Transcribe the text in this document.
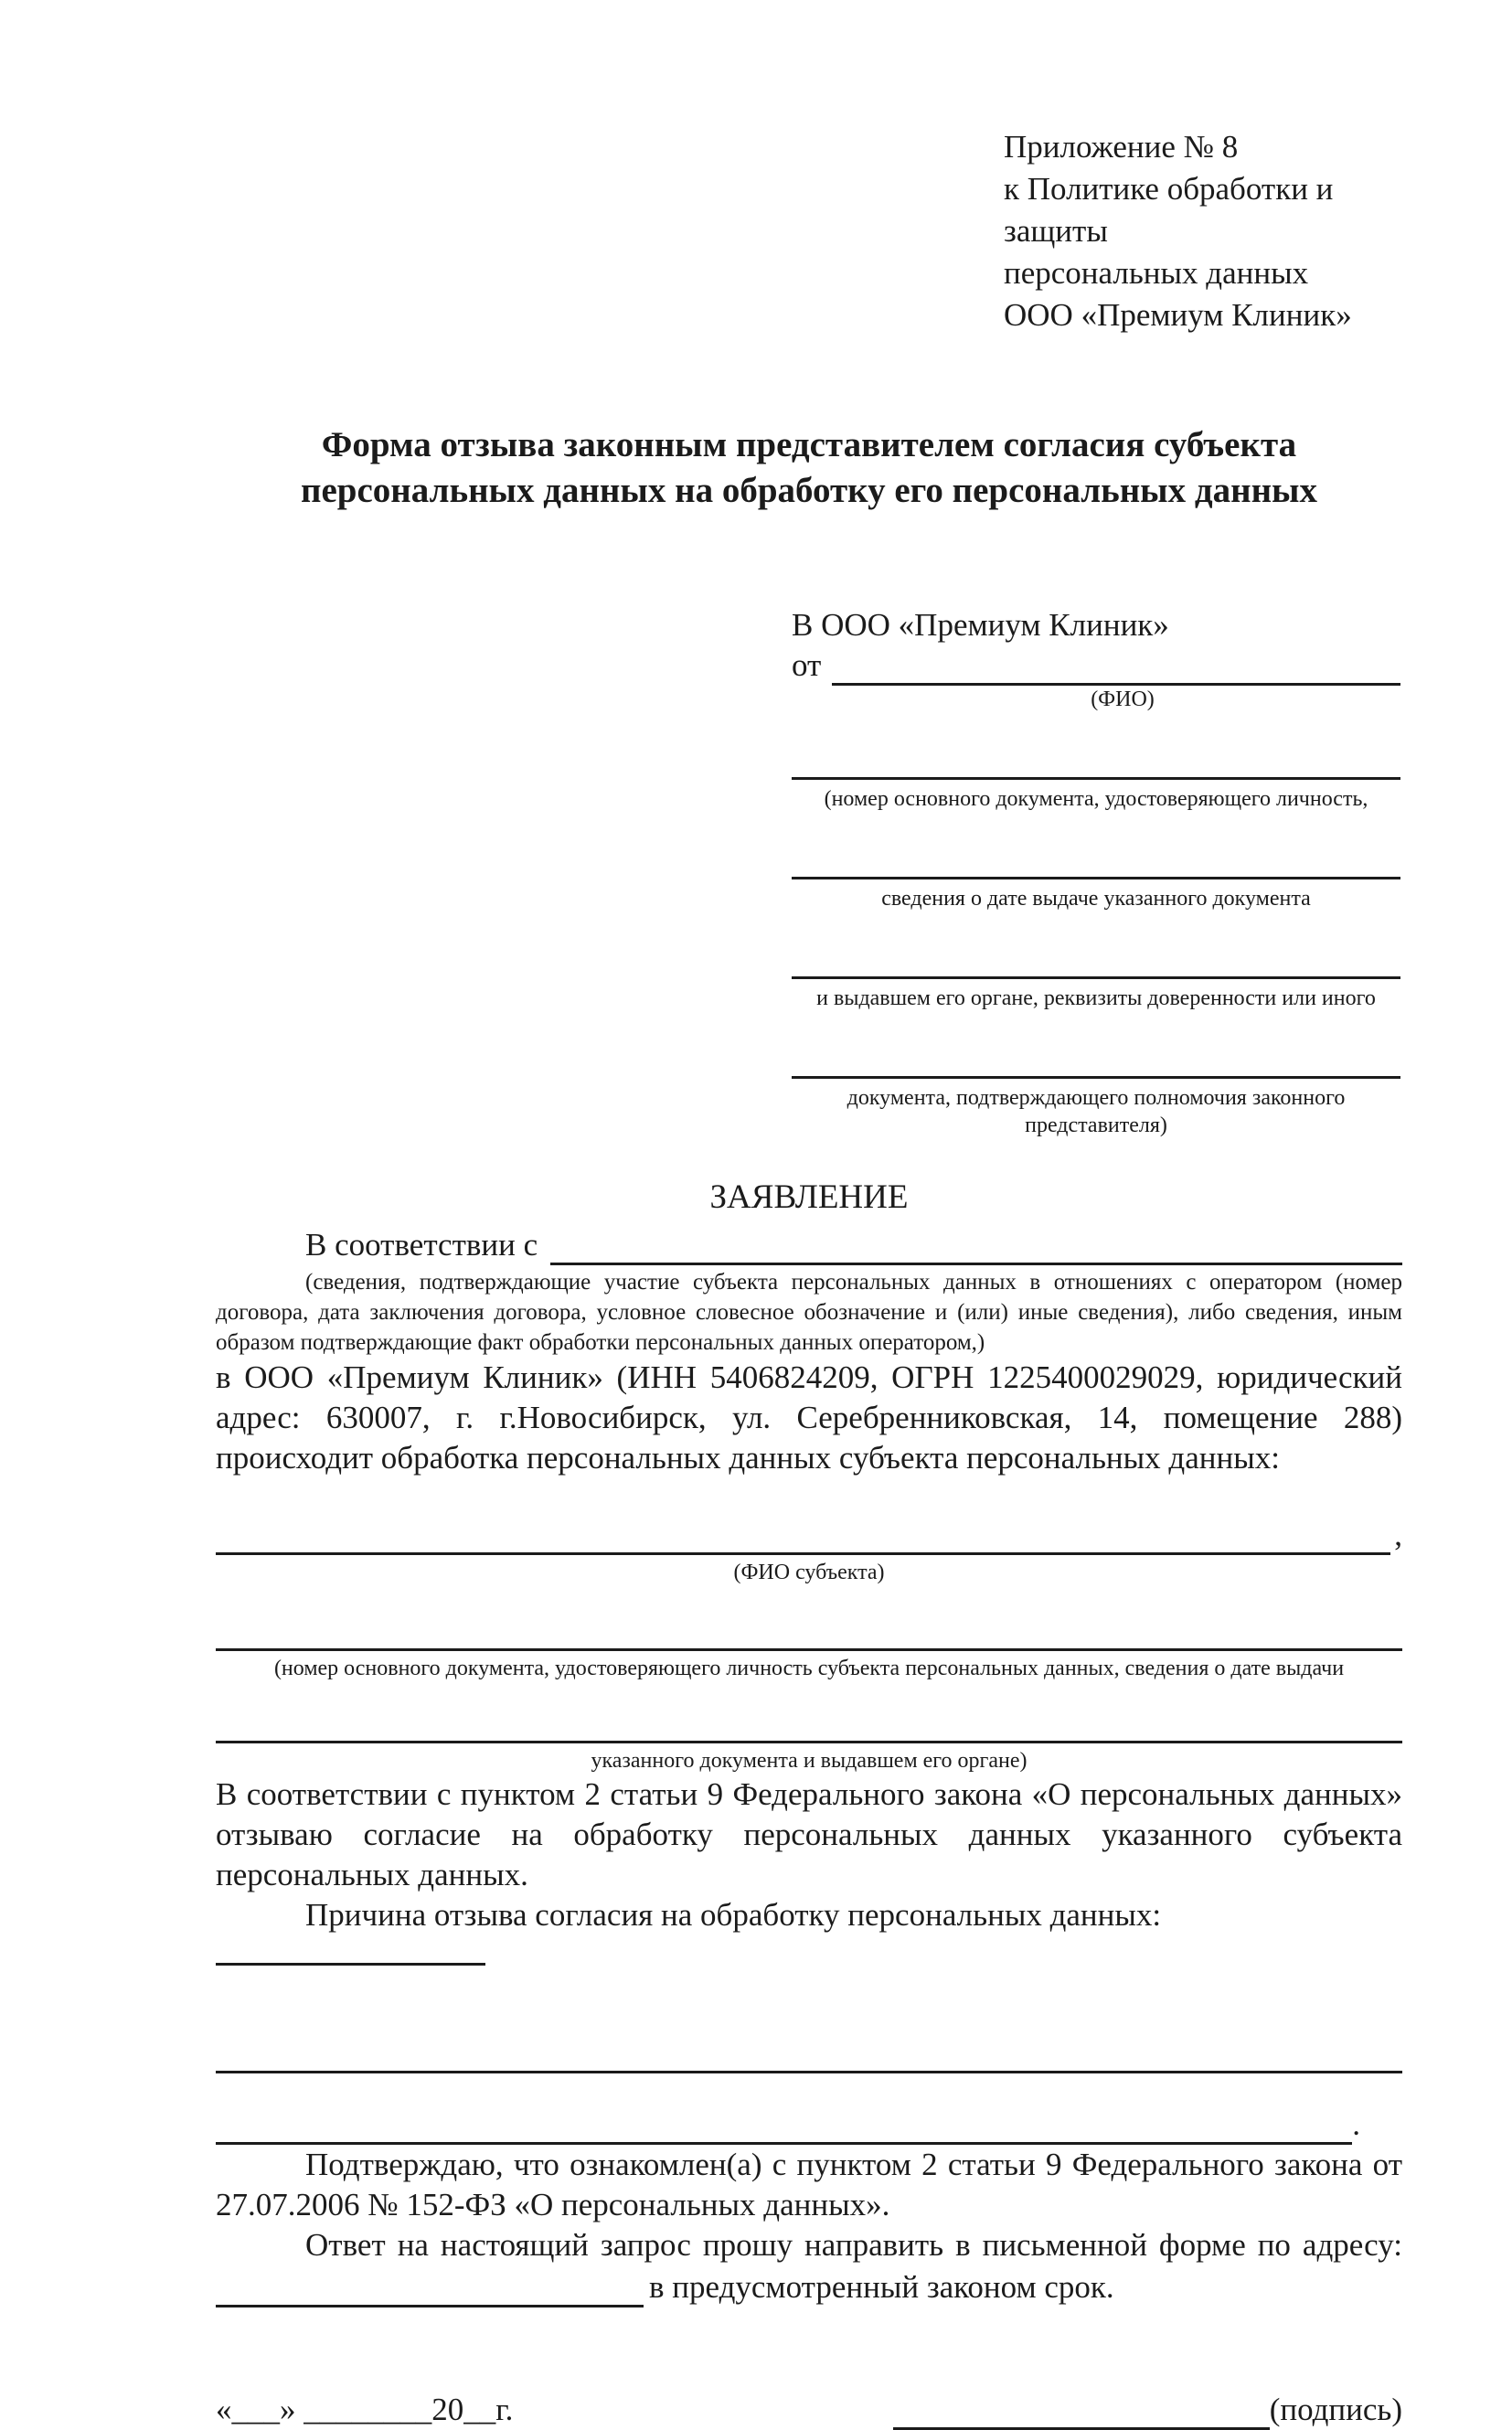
Приложение № 8
к Политике обработки и защиты
персональных данных
ООО «Премиум Клиник»
Форма отзыва законным представителем согласия субъекта
персональных данных на обработку его персональных данных
В ООО «Премиум Клиник»
от
(ФИО)
(номер основного документа, удостоверяющего личность,
сведения о дате выдаче указанного документа
и выдавшем его органе, реквизиты доверенности или иного
документа, подтверждающего полномочия законного представителя)
ЗАЯВЛЕНИЕ
В соответствии с

(сведения, подтверждающие участие субъекта персональных данных в отношениях с оператором (номер договора, дата заключения договора, условное словесное обозначение и (или) иные сведения), либо сведения, иным образом подтверждающие факт обработки персональных данных оператором,)

в ООО «Премиум Клиник» (ИНН 5406824209, ОГРН 1225400029029, юридический адрес: 630007, г. г.Новосибирск, ул. Серебренниковская, 14, помещение 288) происходит обработка персональных данных субъекта персональных данных:

,
(ФИО субъекта)
(номер основного документа, удостоверяющего личность субъекта персональных данных, сведения о дате выдачи
указанного документа и выдавшем его органе)

В соответствии с пунктом 2 статьи 9 Федерального закона «О персональных данных» отзываю согласие на обработку персональных данных указанного субъекта персональных данных.

Причина отзыва согласия на обработку персональных данных:

.

Подтверждаю, что ознакомлен(а) с пунктом 2 статьи 9 Федерального закона от 27.07.2006 № 152-ФЗ «О персональных данных».

Ответ на настоящий запрос прошу направить в письменной форме по адресу:

в предусмотренный законом срок.
«___» ________20__г.	(подпись)
